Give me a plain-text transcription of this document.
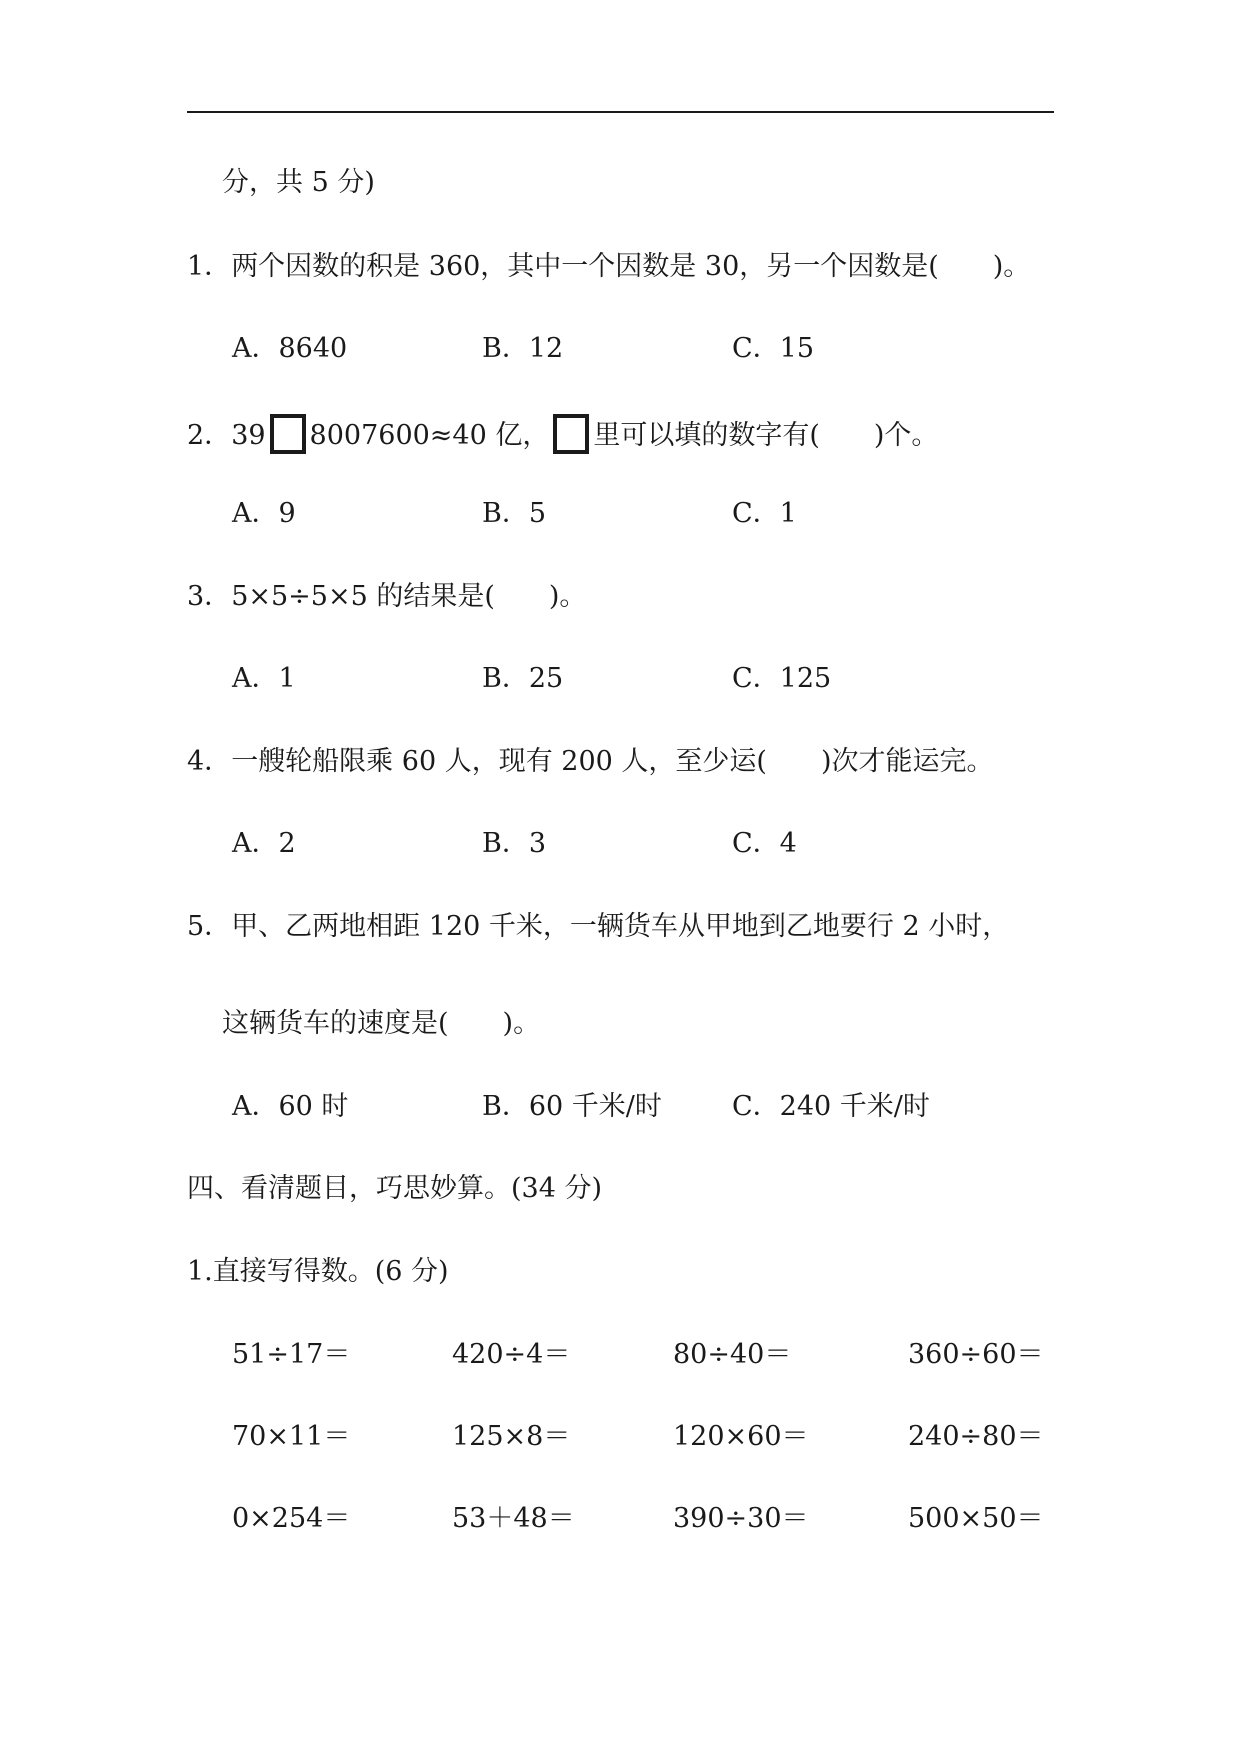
分，共 5 分)
1．两个因数的积是 360，其中一个因数是 30，另一个因数是(　　)。
A．8640	B．12	C．15
2．39 8007600≈40 亿， 里可以填的数字有(　　)个。
A．9	B．5	C．1
3．5×5÷5×5 的结果是(　　)。
A．1	B．25	C．125
4．一艘轮船限乘 60 人，现有 200 人，至少运(　　)次才能运完。
A．2	B．3	C．4
5．甲、乙两地相距 120 千米，一辆货车从甲地到乙地要行 2 小时，
这辆货车的速度是(　　)。
A．60 时	B．60 千米/时	C．240 千米/时
四、看清题目，巧思妙算。(34 分)
1.直接写得数。(6 分)
51÷17＝	420÷4＝	80÷40＝	360÷60＝
70×11＝	125×8＝	120×60＝	240÷80＝
0×254＝	53＋48＝	390÷30＝	500×50＝
